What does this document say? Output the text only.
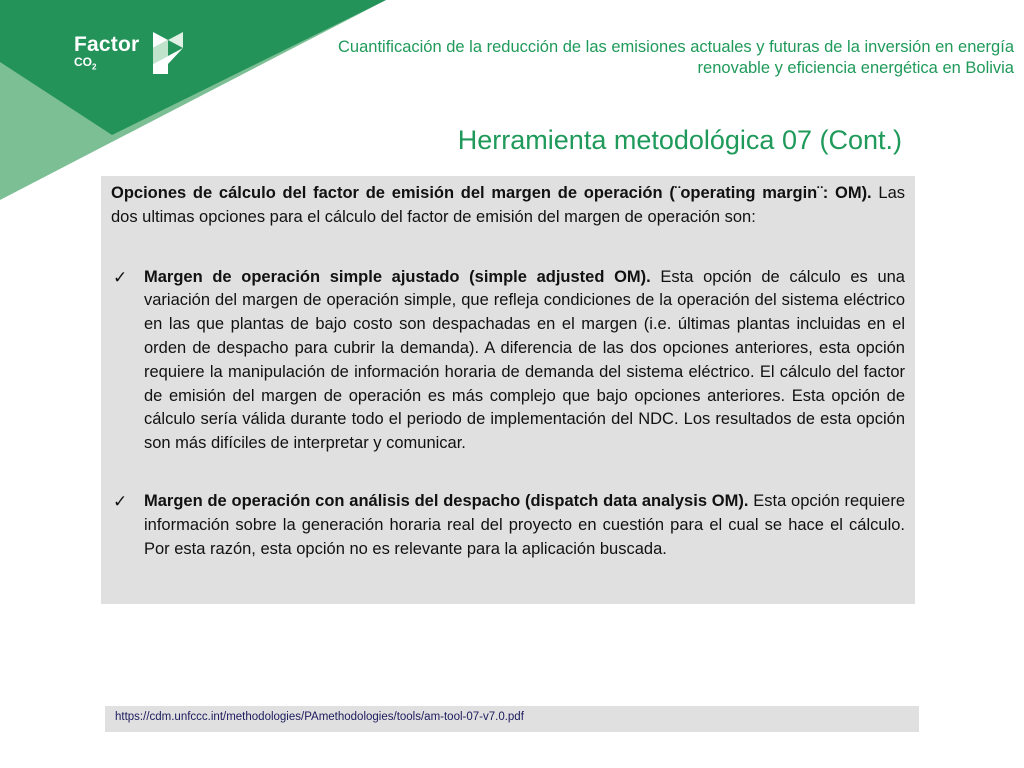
Factor
$CO_2$
Cuantificación de la reducción de las emisiones actuales y futuras de la inversión en energía renovable y eficiencia energética en Bolivia
Herramienta metodológica 07 (Cont.)

Opciones de cálculo del factor de emisión del margen de operación (¨operating margin¨: OM). Las dos ultimas opciones para el cálculo del factor de emisión del margen de operación son:

✓ Margen de operación simple ajustado (simple adjusted OM). Esta opción de cálculo es una variación del margen de operación simple, que refleja condiciones de la operación del sistema eléctrico en las que plantas de bajo costo son despachadas en el margen (i.e. últimas plantas incluidas en el orden de despacho para cubrir la demanda). A diferencia de las dos opciones anteriores, esta opción requiere la manipulación de información horaria de demanda del sistema eléctrico. El cálculo del factor de emisión del margen de operación es más complejo que bajo opciones anteriores. Esta opción de cálculo sería válida durante todo el periodo de implementación del NDC. Los resultados de esta opción son más difíciles de interpretar y comunicar.

✓ Margen de operación con análisis del despacho (dispatch data analysis OM). Esta opción requiere información sobre la generación horaria real del proyecto en cuestión para el cual se hace el cálculo. Por esta razón, esta opción no es relevante para la aplicación buscada.

https://cdm.unfccc.int/methodologies/PAmethodologies/tools/am-tool-07-v7.0.pdf
